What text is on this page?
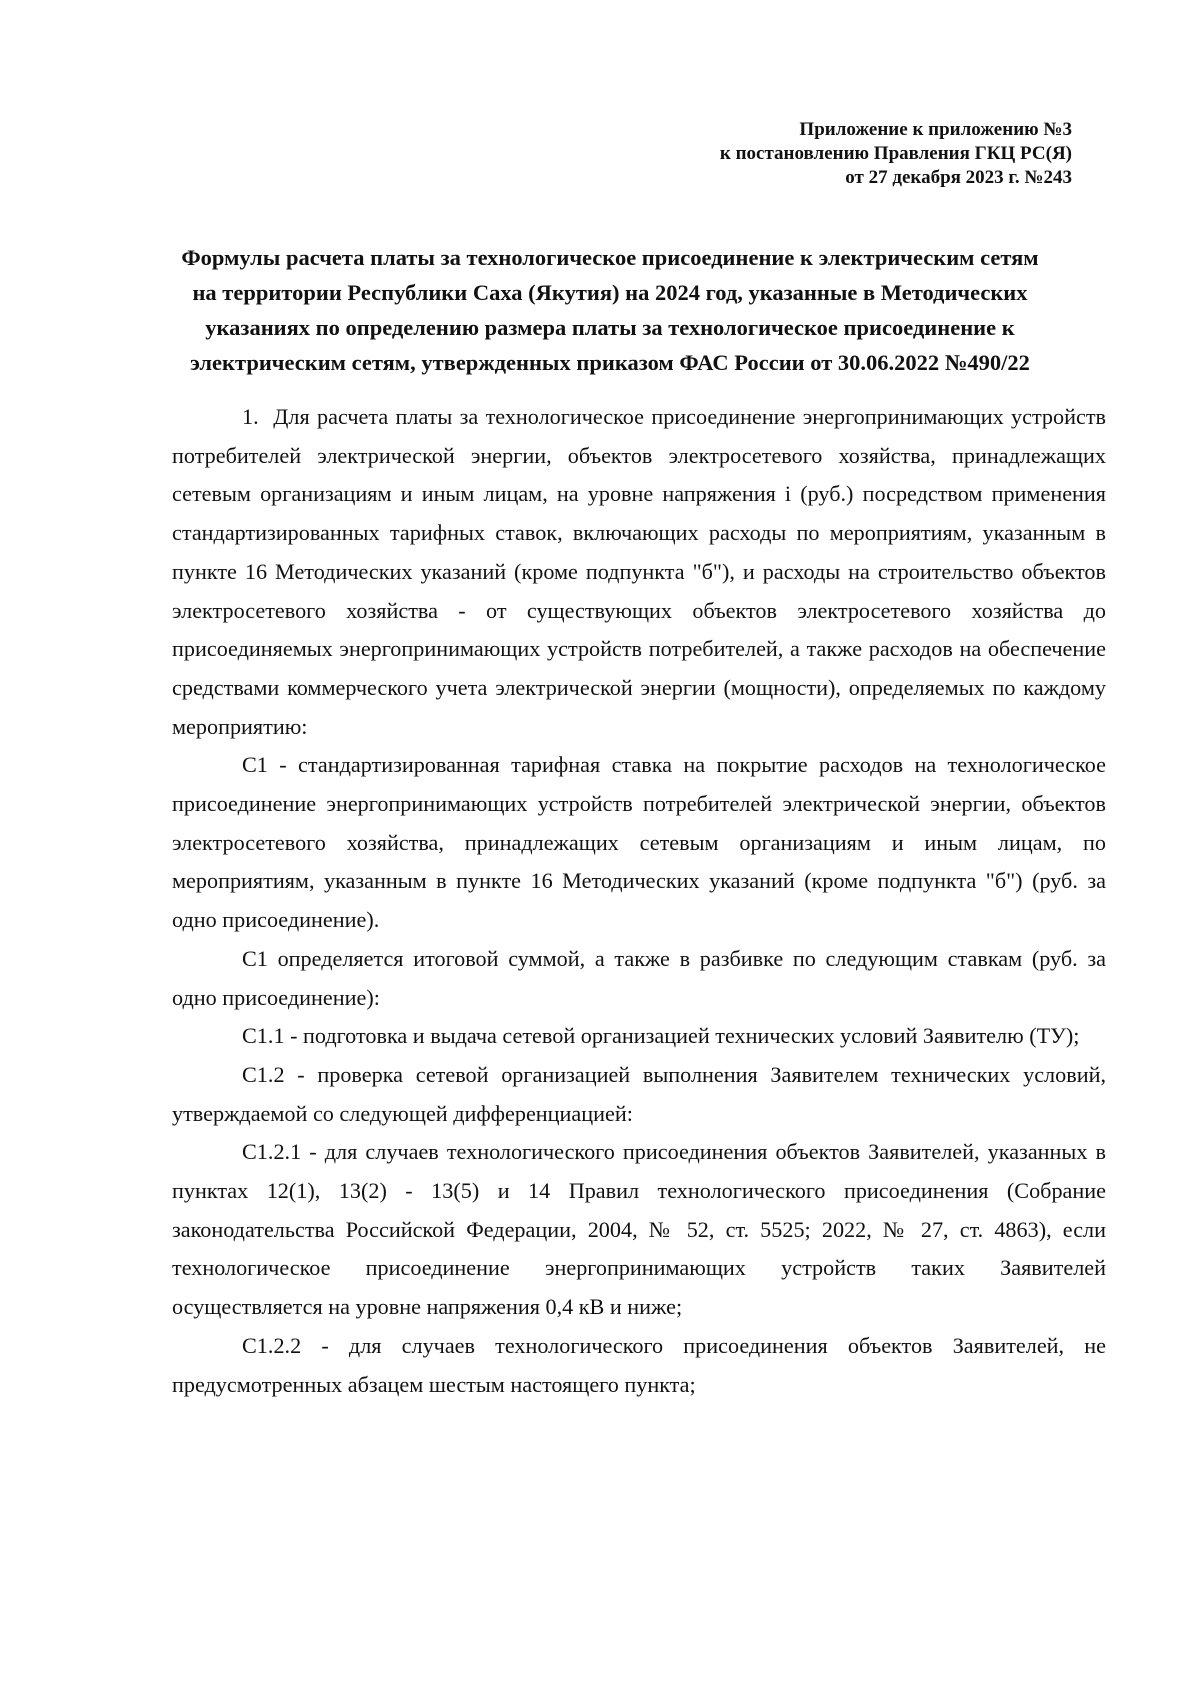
Приложение к приложению №3
к постановлению Правления ГКЦ РС(Я)
от 27 декабря 2023 г. №243
Формулы расчета платы за технологическое присоединение к электрическим сетям
на территории Республики Саха (Якутия) на 2024 год, указанные в Методических
указаниях по определению размера платы за технологическое присоединение к
электрическим сетям, утвержденных приказом ФАС России от 30.06.2022 №490/22

1.  Для расчета платы за технологическое присоединение энергопринимающих устройств потребителей электрической энергии, объектов электросетевого хозяйства, принадлежащих сетевым организациям и иным лицам, на уровне напряжения i (руб.) посредством применения стандартизированных тарифных ставок, включающих расходы по мероприятиям, указанным в пункте 16 Методических указаний (кроме подпункта "б"), и расходы на строительство объектов электросетевого хозяйства - от существующих объектов электросетевого хозяйства до присоединяемых энергопринимающих устройств потребителей, а также расходов на обеспечение средствами коммерческого учета электрической энергии (мощности), определяемых по каждому мероприятию:

С1 - стандартизированная тарифная ставка на покрытие расходов на технологическое присоединение энергопринимающих устройств потребителей электрической энергии, объектов электросетевого хозяйства, принадлежащих сетевым организациям и иным лицам, по мероприятиям, указанным в пункте 16 Методических указаний (кроме подпункта "б") (руб. за одно присоединение).

С1 определяется итоговой суммой, а также в разбивке по следующим ставкам (руб. за одно присоединение):

С1.1 - подготовка и выдача сетевой организацией технических условий Заявителю (ТУ);

С1.2 - проверка сетевой организацией выполнения Заявителем технических условий, утверждаемой со следующей дифференциацией:

С1.2.1 - для случаев технологического присоединения объектов Заявителей, указанных в пунктах 12(1), 13(2) - 13(5) и 14 Правил технологического присоединения (Собрание законодательства Российской Федерации, 2004, № 52, ст. 5525; 2022, № 27, ст. 4863), если технологическое присоединение энергопринимающих устройств таких Заявителей осуществляется на уровне напряжения 0,4 кВ и ниже;

С1.2.2 - для случаев технологического присоединения объектов Заявителей, не предусмотренных абзацем шестым настоящего пункта;
